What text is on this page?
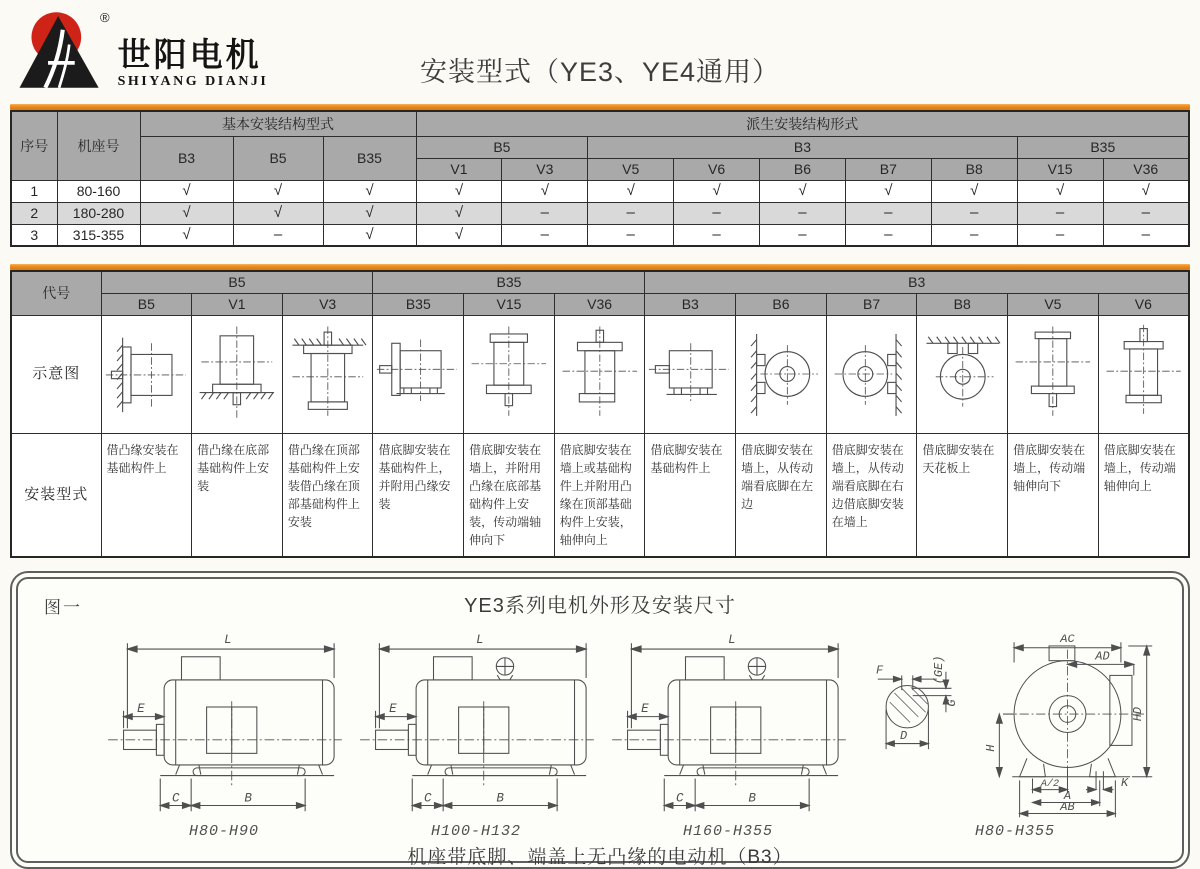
®
世阳电机
SHIYANG DIANJI	安装型式（YE3、YE4通用）
序号	机座号	基本安装结构型式			派生安装结构形式								
		B3	B5	B35	B5		B3					B35	
					V1	V3	V5	V6	B6	B7	B8	V15	V36
1	80-160	√	√	√	√	√	√	√	√	√	√	√	√
2	180-280	√	√	√	√	–	–	–	–	–	–	–	–
3	315-355	√	–	√	√	–	–	–	–	–	–	–	–
代号	B5			B35			B3					
	B5	V1	V3	B35	V15	V36	B3	B6	B7	B8	V5	V6
示意图	

安装型式	借凸缘安装在基础构件上	借凸缘在底部基础构件上安装	借凸缘在顶部基础构件上安装借凸缘在顶部基础构件上安装	借底脚安装在基础构件上，并附用凸缘安装	借底脚安装在墙上，并附用凸缘在底部基础构件上安装，传动端轴伸向下	借底脚安装在墙上或基础构件上并附用凸缘在顶部基础构件上安装，轴伸向上	借底脚安装在基础构件上	借底脚安装在墙上，从传动端看底脚在左边	借底脚安装在墙上，从传动端看底脚在右边借底脚安装在墙上	借底脚安装在天花板上	借底脚安装在墙上，传动端轴伸向下	借底脚安装在墙上，传动端轴伸向上
图一	YE3系列电机外形及安装尺寸
L
E
C	B
H80-H90
L
E
C	B
H100-H132
L
E
C	B
H160-H355
F	(GE)
G
D
AC
AD
HD
H
A/2	K
A
AB
H80-H355
机座带底脚、端盖上无凸缘的电动机（B3）
